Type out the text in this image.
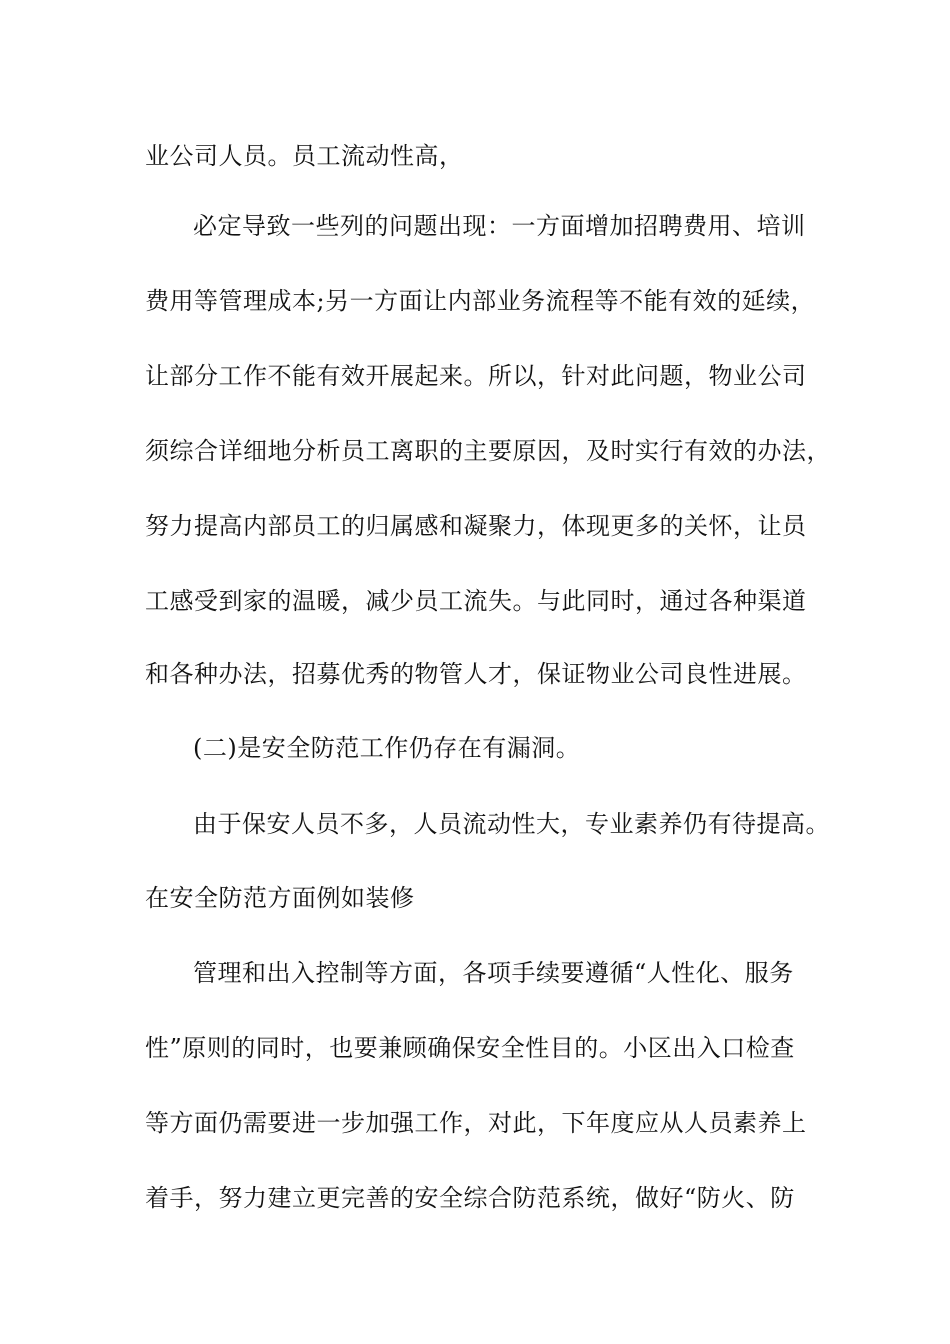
业公司人员。员工流动性高，
必定导致一些列的问题出现：一方面增加招聘费用、培训
费用等管理成本;另一方面让内部业务流程等不能有效的延续，
让部分工作不能有效开展起来。所以，针对此问题，物业公司
须综合详细地分析员工离职的主要原因，及时实行有效的办法，
努力提高内部员工的归属感和凝聚力，体现更多的关怀，让员
工感受到家的温暖，减少员工流失。与此同时，通过各种渠道
和各种办法，招募优秀的物管人才，保证物业公司良性进展。
(二)是安全防范工作仍存在有漏洞。
由于保安人员不多，人员流动性大，专业素养仍有待提高。
在安全防范方面例如装修
管理和出入控制等方面，各项手续要遵循“人性化、服务
性”原则的同时，也要兼顾确保安全性目的。小区出入口检查
等方面仍需要进一步加强工作，对此，下年度应从人员素养上
着手，努力建立更完善的安全综合防范系统，做好“防火、防
